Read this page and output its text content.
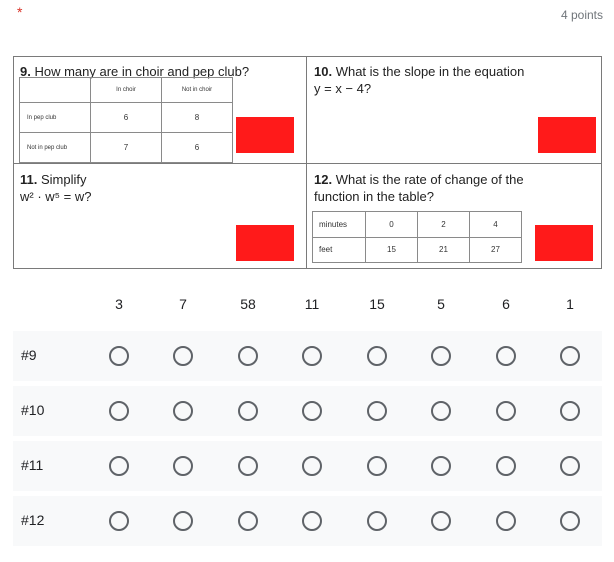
*	4 points
9. How many are in choir and pep club?
	In choir	Not in choir
In pep club	6	8
Not in pep club	7	6
10. What is the slope in the equation
y = x − 4?
11. Simplify
w² · w⁵ = w?
12. What is the rate of change of the
function in the table?
minutes	0	2	4
feet	15	21	27
3	7	58	11	15	5	6	1
#9
#10
#11
#12
